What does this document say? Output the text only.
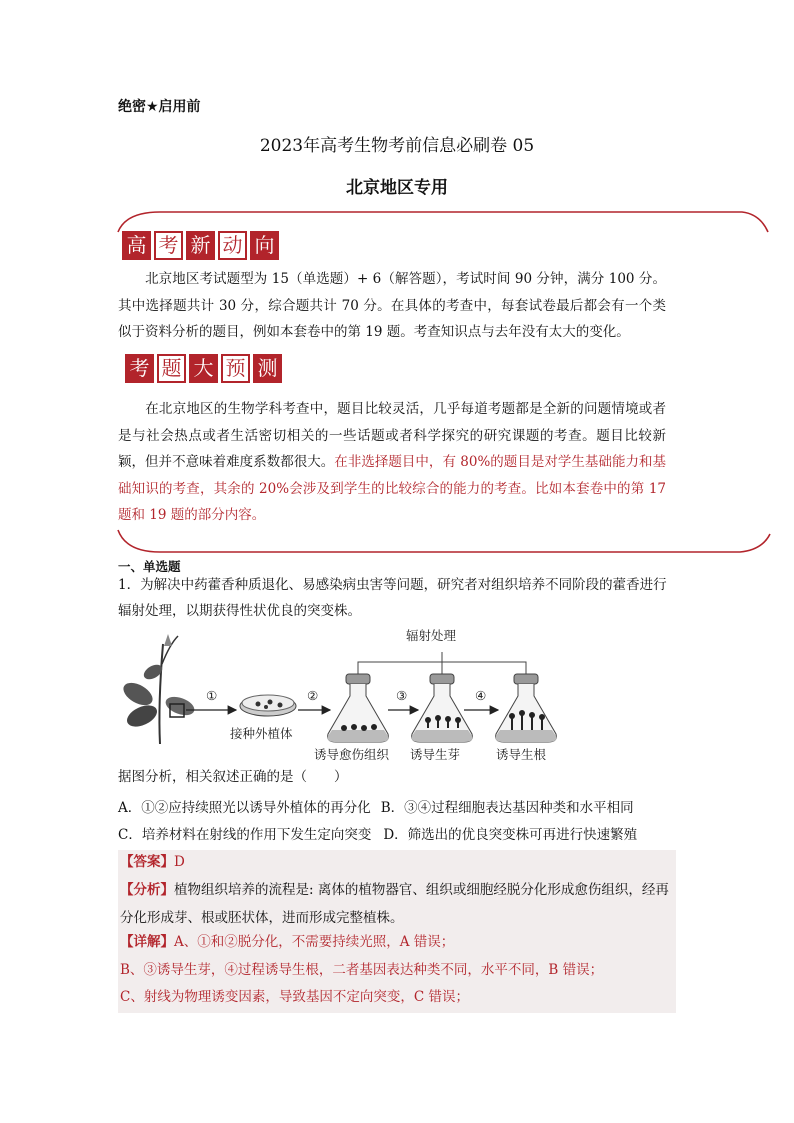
绝密★启用前
2023年高考生物考前信息必刷卷 05
北京地区专用
高 考 新 动 向
北京地区考试题型为 15（单选题）+ 6（解答题），考试时间 90 分钟，满分 100 分。其中选择题共计 30 分，综合题共计 70 分。在具体的考查中，每套试卷最后都会有一个类似于资料分析的题目，例如本套卷中的第 19 题。考查知识点与去年没有太大的变化。
考 题 大 预 测
在北京地区的生物学科考查中，题目比较灵活，几乎每道考题都是全新的问题情境或者是与社会热点或者生活密切相关的一些话题或者科学探究的研究课题的考查。题目比较新颖，但并不意味着难度系数都很大。在非选择题目中，有 80%的题目是对学生基础能力和基础知识的考查，其余的 20%会涉及到学生的比较综合的能力的考查。比如本套卷中的第 17 题和 19 题的部分内容。
一、单选题
1．为解决中药藿香种质退化、易感染病虫害等问题，研究者对组织培养不同阶段的藿香进行辐射处理，以期获得性状优良的突变株。
辐射处理
①	②	③	④
接种外植体
诱导愈伤组织 诱导生芽	诱导生根
据图分析，相关叙述正确的是（　　）
A．①②应持续照光以诱导外植体的再分化 B．③④过程细胞表达基因种类和水平相同
C．培养材料在射线的作用下发生定向突变 D．筛选出的优良突变株可再进行快速繁殖
【答案】D
【分析】植物组织培养的流程是: 离体的植物器官、组织或细胞经脱分化形成愈伤组织，经再分化形成芽、根或胚状体，进而形成完整植株。
【详解】A、①和②脱分化，不需要持续光照，A 错误；
B、③诱导生芽，④过程诱导生根，二者基因表达种类不同，水平不同，B 错误；
C、射线为物理诱变因素，导致基因不定向突变，C 错误；
